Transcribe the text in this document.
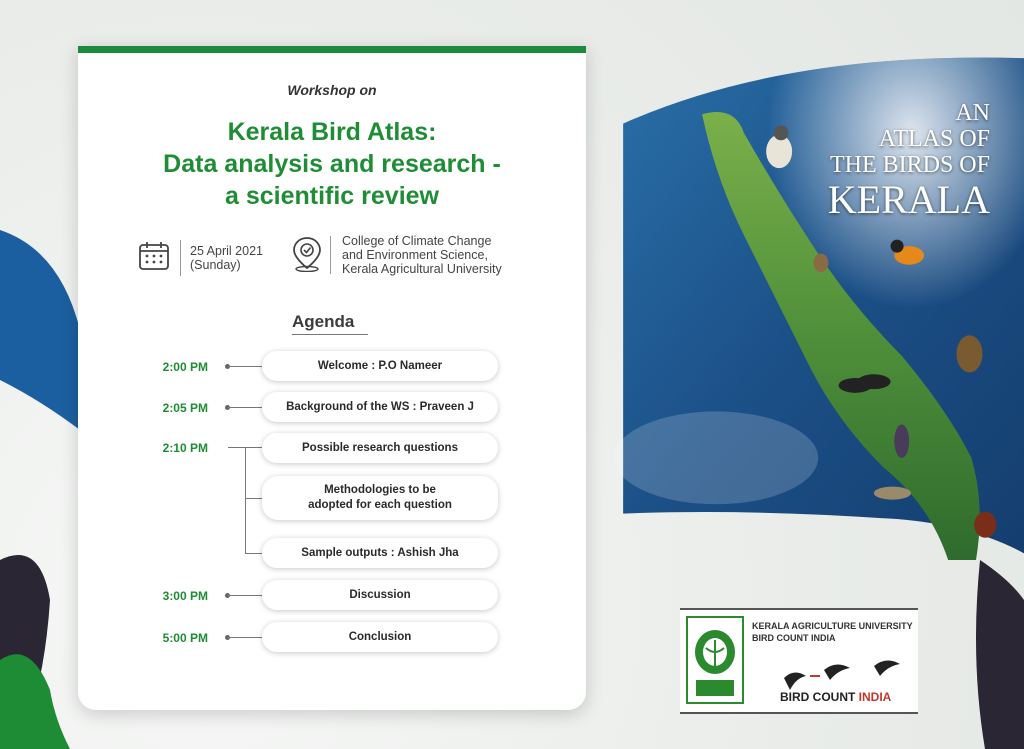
AN
ATLAS OF
THE BIRDS OF
KERALA
Workshop on
Kerala Bird Atlas:
Data analysis and research -
a scientific review
25 April 2021
(Sunday)
College of Climate Change
and Environment Science,
Kerala Agricultural University
Agenda
2:00 PM
2:05 PM
2:10 PM
3:00 PM
5:00 PM
Welcome : P.O Nameer
Background of the WS : Praveen J
Possible research questions
Methodologies to be
adopted for each question
Sample outputs : Ashish Jha
Discussion
Conclusion
KERALA AGRICULTURE UNIVERSITY
BIRD COUNT INDIA
BIRD COUNT INDIA
